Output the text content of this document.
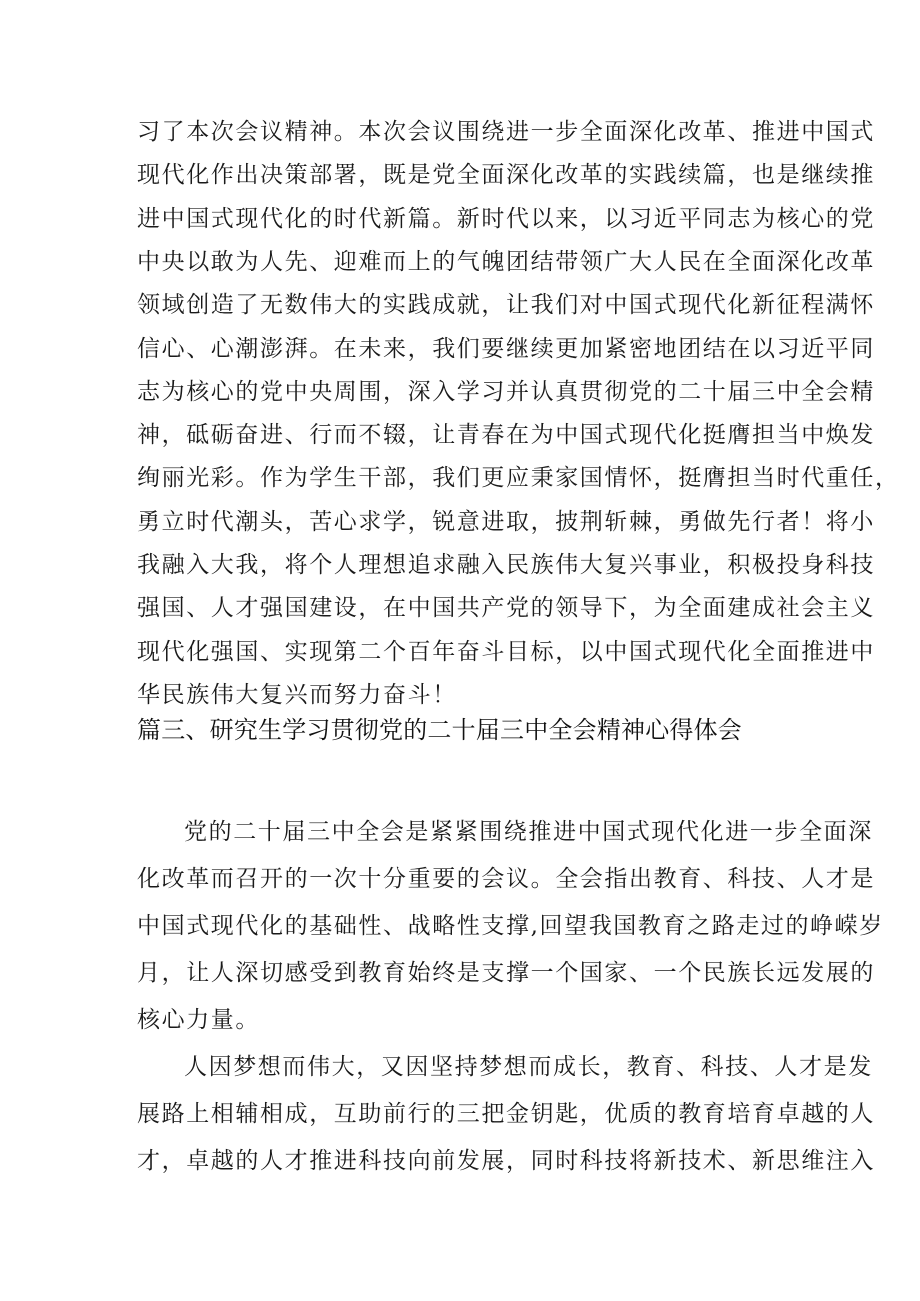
习了本次会议精神。本次会议围绕进一步全面深化改革、推进中国式
现代化作出决策部署，既是党全面深化改革的实践续篇，也是继续推
进中国式现代化的时代新篇。新时代以来，以习近平同志为核心的党
中央以敢为人先、迎难而上的气魄团结带领广大人民在全面深化改革
领域创造了无数伟大的实践成就，让我们对中国式现代化新征程满怀
信心、心潮澎湃。在未来，我们要继续更加紧密地团结在以习近平同
志为核心的党中央周围，深入学习并认真贯彻党的二十届三中全会精
神，砥砺奋进、行而不辍，让青春在为中国式现代化挺膺担当中焕发
绚丽光彩。作为学生干部，我们更应秉家国情怀，挺膺担当时代重任，
勇立时代潮头，苦心求学，锐意进取，披荆斩棘，勇做先行者！将小
我融入大我，将个人理想追求融入民族伟大复兴事业，积极投身科技
强国、人才强国建设，在中国共产党的领导下，为全面建成社会主义
现代化强国、实现第二个百年奋斗目标，以中国式现代化全面推进中
华民族伟大复兴而努力奋斗！
篇三、研究生学习贯彻党的二十届三中全会精神心得体会
党的二十届三中全会是紧紧围绕推进中国式现代化进一步全面深
化改革而召开的一次十分重要的会议。全会指出教育、科技、人才是
中国式现代化的基础性、战略性支撑,回望我国教育之路走过的峥嵘岁
月，让人深切感受到教育始终是支撑一个国家、一个民族长远发展的
核心力量。
人因梦想而伟大，又因坚持梦想而成长，教育、科技、人才是发
展路上相辅相成，互助前行的三把金钥匙，优质的教育培育卓越的人
才，卓越的人才推进科技向前发展，同时科技将新技术、新思维注入
